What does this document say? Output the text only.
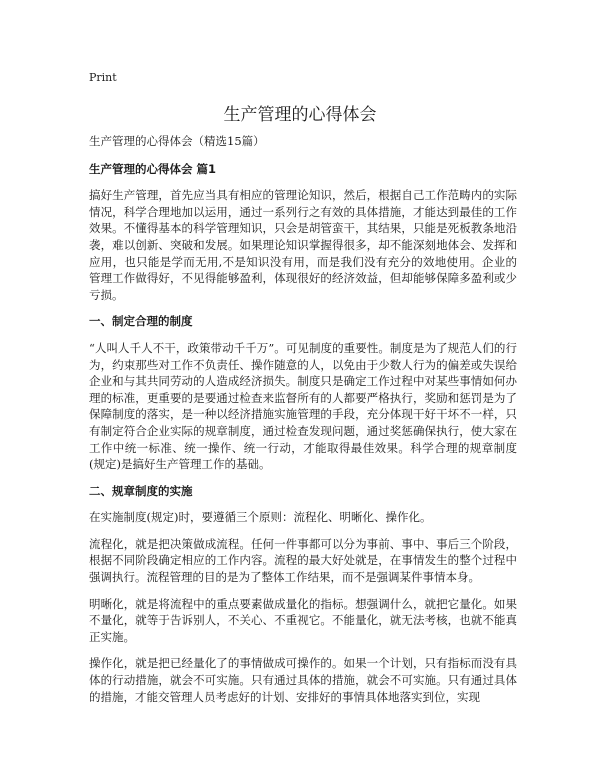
Print
生产管理的心得体会

生产管理的心得体会（精选15篇）

生产管理的心得体会 篇1

搞好生产管理，首先应当具有相应的管理论知识，然后，根据自己工作范畴内的实际情况，科学合理地加以运用，通过一系列行之有效的具体措施，才能达到最佳的工作效果。不懂得基本的科学管理知识，只会是胡管蛮干，其结果，只能是死板教条地沿袭，难以创新、突破和发展。如果理论知识掌握得很多，却不能深刻地体会、发挥和应用，也只能是学而无用,不是知识没有用，而是我们没有充分的效地使用。企业的管理工作做得好，不见得能够盈利，体现很好的经济效益，但却能够保障多盈利或少亏损。

一、制定合理的制度

“人叫人千人不干，政策带动千千万”。可见制度的重要性。制度是为了规范人们的行为，约束那些对工作不负责任、操作随意的人，以免由于少数人行为的偏差或失误给企业和与其共同劳动的人造成经济损失。制度只是确定工作过程中对某些事情如何办理的标准，更重要的是要通过检查来监督所有的人都要严格执行，奖励和惩罚是为了保障制度的落实，是一种以经济措施实施管理的手段，充分体现干好干坏不一样，只有制定符合企业实际的规章制度，通过检查发现问题，通过奖惩确保执行，使大家在工作中统一标准、统一操作、统一行动，才能取得最佳效果。科学合理的规章制度(规定)是搞好生产管理工作的基础。

二、规章制度的实施

在实施制度(规定)时，要遵循三个原则：流程化、明晰化、操作化。

流程化，就是把决策做成流程。任何一件事都可以分为事前、事中、事后三个阶段，根据不同阶段确定相应的工作内容。流程的最大好处就是，在事情发生的整个过程中强调执行。流程管理的目的是为了整体工作结果，而不是强调某件事情本身。

明晰化，就是将流程中的重点要素做成量化的指标。想强调什么，就把它量化。如果不量化，就等于告诉别人，不关心、不重视它。不能量化，就无法考核，也就不能真正实施。

操作化，就是把已经量化了的事情做成可操作的。如果一个计划，只有指标而没有具体的行动措施，就会不可实施。只有通过具体的措施，就会不可实施。只有通过具体的措施，才能交管理人员考虑好的计划、安排好的事情具体地落实到位，实现
